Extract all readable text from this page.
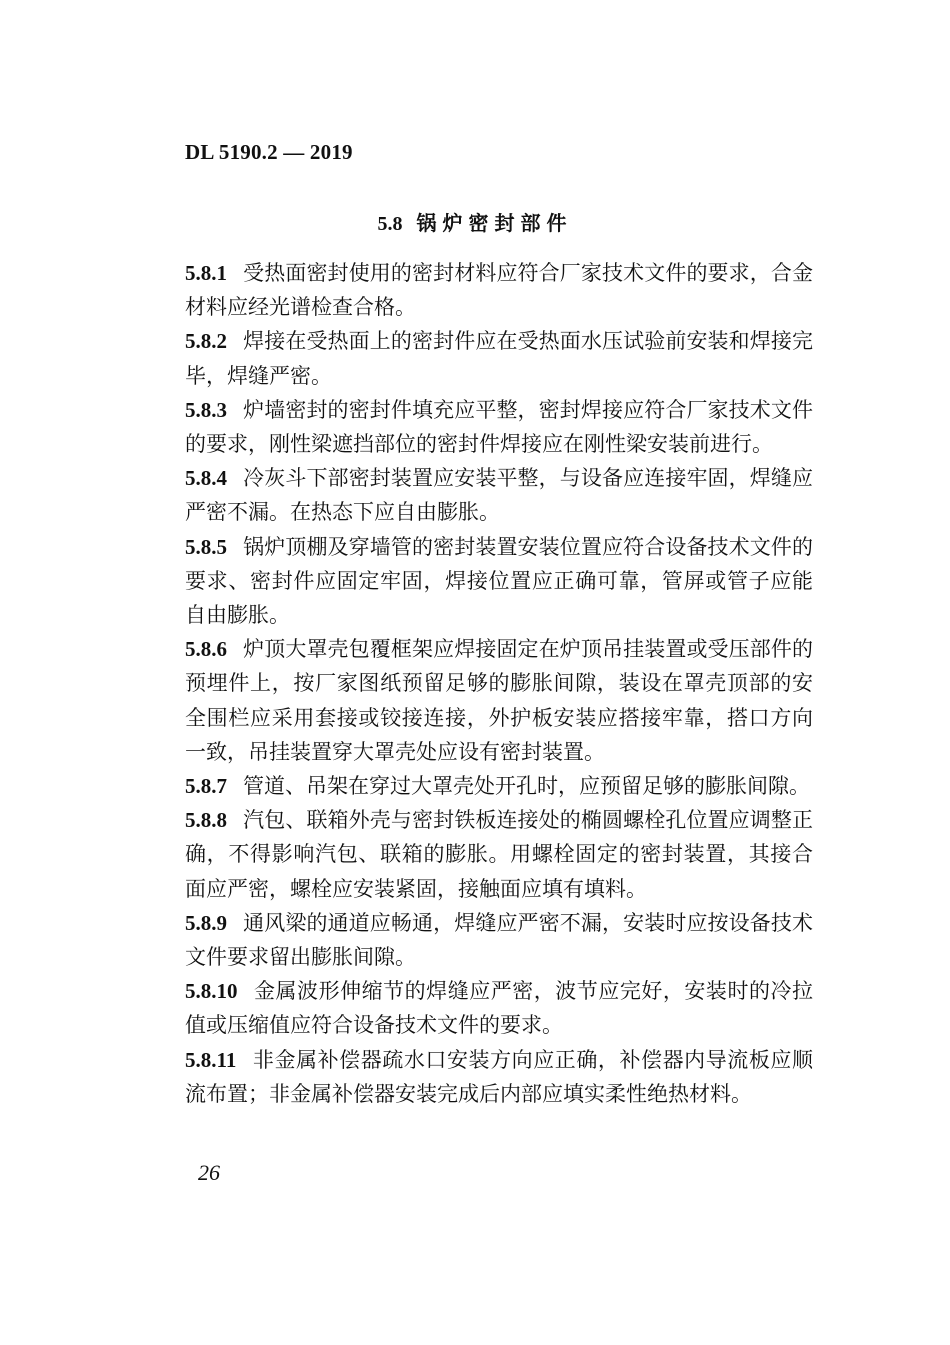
DL 5190.2 — 2019
5.8 锅炉密封部件

5.8.1 受热面密封使用的密封材料应符合厂家技术文件的要求，合金材料应经光谱检查合格。

5.8.2 焊接在受热面上的密封件应在受热面水压试验前安装和焊接完毕，焊缝严密。

5.8.3 炉墙密封的密封件填充应平整，密封焊接应符合厂家技术文件的要求，刚性梁遮挡部位的密封件焊接应在刚性梁安装前进行。

5.8.4 冷灰斗下部密封装置应安装平整，与设备应连接牢固，焊缝应严密不漏。在热态下应自由膨胀。

5.8.5 锅炉顶棚及穿墙管的密封装置安装位置应符合设备技术文件的要求、密封件应固定牢固，焊接位置应正确可靠，管屏或管子应能自由膨胀。

5.8.6 炉顶大罩壳包覆框架应焊接固定在炉顶吊挂装置或受压部件的预埋件上，按厂家图纸预留足够的膨胀间隙，装设在罩壳顶部的安全围栏应采用套接或铰接连接，外护板安装应搭接牢靠，搭口方向一致，吊挂装置穿大罩壳处应设有密封装置。

5.8.7 管道、吊架在穿过大罩壳处开孔时，应预留足够的膨胀间隙。

5.8.8 汽包、联箱外壳与密封铁板连接处的椭圆螺栓孔位置应调整正确，不得影响汽包、联箱的膨胀。用螺栓固定的密封装置，其接合面应严密，螺栓应安装紧固，接触面应填有填料。

5.8.9 通风梁的通道应畅通，焊缝应严密不漏，安装时应按设备技术文件要求留出膨胀间隙。

5.8.10 金属波形伸缩节的焊缝应严密，波节应完好，安装时的冷拉值或压缩值应符合设备技术文件的要求。

5.8.11 非金属补偿器疏水口安装方向应正确，补偿器内导流板应顺流布置；非金属补偿器安装完成后内部应填实柔性绝热材料。

26
